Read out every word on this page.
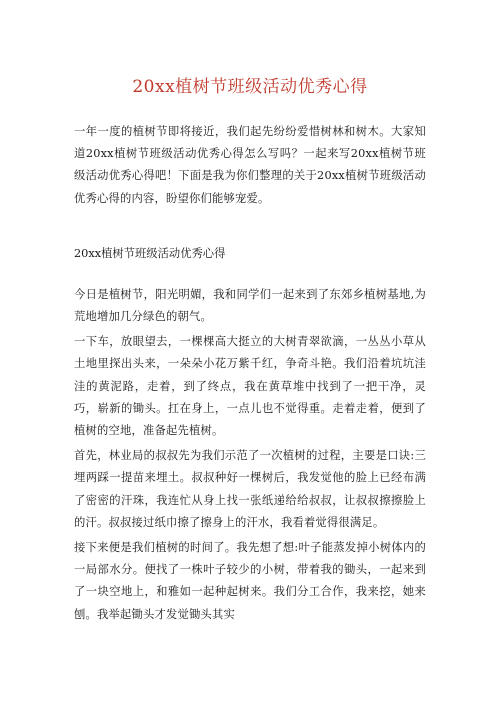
20xx植树节班级活动优秀心得

一年一度的植树节即将接近，我们起先纷纷爱惜树林和树木。大家知道20xx植树节班级活动优秀心得怎么写吗？一起来写20xx植树节班级活动优秀心得吧！下面是我为你们整理的关于20xx植树节班级活动优秀心得的内容，盼望你们能够宠爱。

20xx植树节班级活动优秀心得

今日是植树节，阳光明媚，我和同学们一起来到了东郊乡植树基地,为荒地增加几分绿色的朝气。

一下车，放眼望去，一棵棵高大挺立的大树青翠欲滴，一丛丛小草从土地里探出头来，一朵朵小花万紫千红，争奇斗艳。我们沿着坑坑洼洼的黄泥路，走着，到了终点，我在黄草堆中找到了一把干净，灵巧，崭新的锄头。扛在身上，一点儿也不觉得重。走着走着，便到了植树的空地，准备起先植树。

首先，林业局的叔叔先为我们示范了一次植树的过程，主要是口诀:三埋两踩一提苗来埋土。叔叔种好一棵树后，我发觉他的脸上已经布满了密密的汗珠，我连忙从身上找一张纸递给给叔叔，让叔叔擦擦脸上的汗。叔叔接过纸巾擦了擦身上的汗水，我看着觉得很满足。

接下来便是我们植树的时间了。我先想了想:叶子能蒸发掉小树体内的一局部水分。便找了一株叶子较少的小树，带着我的锄头，一起来到了一块空地上，和雅如一起种起树来。我们分工合作，我来挖，她来刨。我举起锄头才发觉锄头其实
